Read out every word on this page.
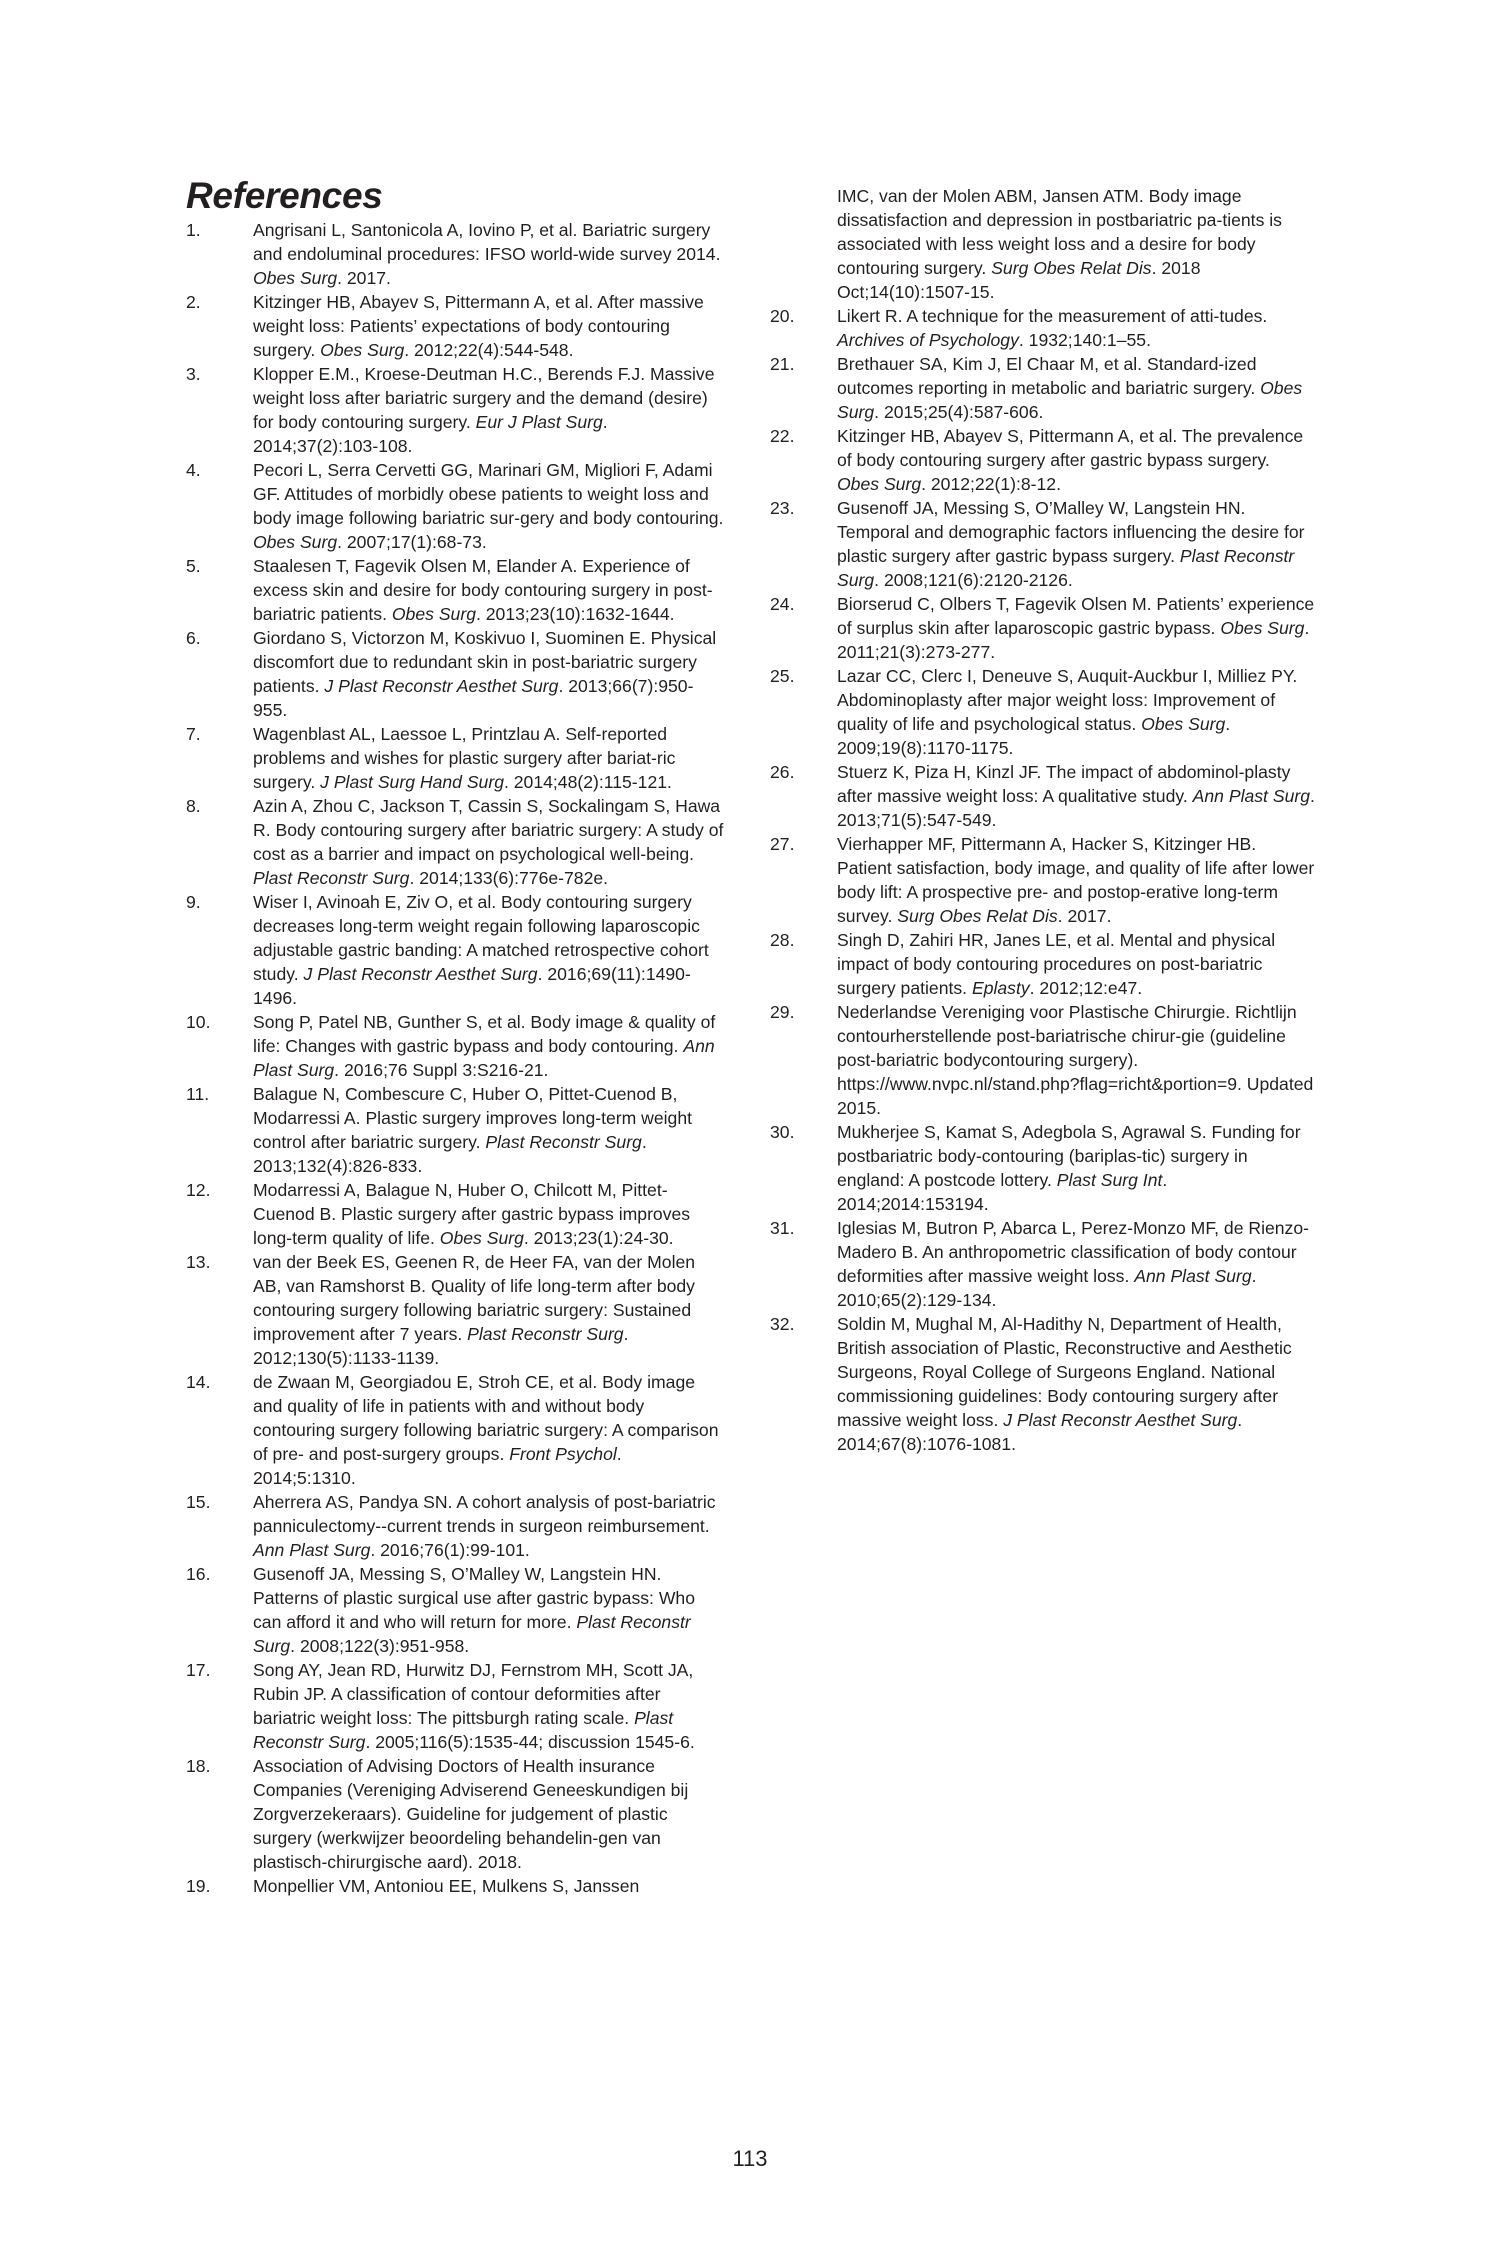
References
1.	Angrisani L, Santonicola A, Iovino P, et al. Bariatric surgery and endoluminal procedures: IFSO world-wide survey 2014. Obes Surg. 2017.
2.	Kitzinger HB, Abayev S, Pittermann A, et al. After massive weight loss: Patients’ expectations of body contouring surgery. Obes Surg. 2012;22(4):544-548.
3.	Klopper E.M., Kroese-Deutman H.C., Berends F.J. Massive weight loss after bariatric surgery and the demand (desire) for body contouring surgery. Eur J Plast Surg. 2014;37(2):103-108.
4.	Pecori L, Serra Cervetti GG, Marinari GM, Migliori F, Adami GF. Attitudes of morbidly obese patients to weight loss and body image following bariatric sur-gery and body contouring. Obes Surg. 2007;17(1):68-73.
5.	Staalesen T, Fagevik Olsen M, Elander A. Experience of excess skin and desire for body contouring surgery in post-bariatric patients. Obes Surg. 2013;23(10):1632-1644.
6.	Giordano S, Victorzon M, Koskivuo I, Suominen E. Physical discomfort due to redundant skin in post-bariatric surgery patients. J Plast Reconstr Aesthet Surg. 2013;66(7):950-955.
7.	Wagenblast AL, Laessoe L, Printzlau A. Self-reported problems and wishes for plastic surgery after bariat-ric surgery. J Plast Surg Hand Surg. 2014;48(2):115-121.
8.	Azin A, Zhou C, Jackson T, Cassin S, Sockalingam S, Hawa R. Body contouring surgery after bariatric surgery: A study of cost as a barrier and impact on psychological well-being. Plast Reconstr Surg. 2014;133(6):776e-782e.
9.	Wiser I, Avinoah E, Ziv O, et al. Body contouring surgery decreases long-term weight regain following laparoscopic adjustable gastric banding: A matched retrospective cohort study. J Plast Reconstr Aesthet Surg. 2016;69(11):1490-1496.
10. Song P, Patel NB, Gunther S, et al. Body image & quality of life: Changes with gastric bypass and body contouring. Ann Plast Surg. 2016;76 Suppl 3:S216-21.
11. Balague N, Combescure C, Huber O, Pittet-Cuenod B, Modarressi A. Plastic surgery improves long-term weight control after bariatric surgery. Plast Reconstr Surg. 2013;132(4):826-833.
12. Modarressi A, Balague N, Huber O, Chilcott M, Pittet-Cuenod B. Plastic surgery after gastric bypass improves long-term quality of life. Obes Surg. 2013;23(1):24-30.
13. van der Beek ES, Geenen R, de Heer FA, van der Molen AB, van Ramshorst B. Quality of life long-term after body contouring surgery following bariatric surgery: Sustained improvement after 7 years. Plast Reconstr Surg. 2012;130(5):1133-1139.
14. de Zwaan M, Georgiadou E, Stroh CE, et al. Body image and quality of life in patients with and without body contouring surgery following bariatric surgery: A comparison of pre- and post-surgery groups. Front Psychol. 2014;5:1310.
15. Aherrera AS, Pandya SN. A cohort analysis of post-bariatric panniculectomy--current trends in surgeon reimbursement. Ann Plast Surg. 2016;76(1):99-101.
16. Gusenoff JA, Messing S, O’Malley W, Langstein HN. Patterns of plastic surgical use after gastric bypass: Who can afford it and who will return for more. Plast Reconstr Surg. 2008;122(3):951-958.
17. Song AY, Jean RD, Hurwitz DJ, Fernstrom MH, Scott JA, Rubin JP. A classification of contour deformities after bariatric weight loss: The pittsburgh rating scale. Plast Reconstr Surg. 2005;116(5):1535-44; discussion 1545-6.
18. Association of Advising Doctors of Health insurance Companies (Vereniging Adviserend Geneeskundigen bij Zorgverzekeraars). Guideline for judgement of plastic surgery (werkwijzer beoordeling behandelin-gen van plastisch-chirurgische aard). 2018.
19. Monpellier VM, Antoniou EE, Mulkens S, Janssen
IMC, van der Molen ABM, Jansen ATM. Body image dissatisfaction and depression in postbariatric pa-tients is associated with less weight loss and a desire for body contouring surgery. Surg Obes Relat Dis. 2018 Oct;14(10):1507-15.
20. Likert R. A technique for the measurement of atti-tudes. Archives of Psychology. 1932;140:1–55.
21. Brethauer SA, Kim J, El Chaar M, et al. Standard-ized outcomes reporting in metabolic and bariatric surgery. Obes Surg. 2015;25(4):587-606.
22. Kitzinger HB, Abayev S, Pittermann A, et al. The prevalence of body contouring surgery after gastric bypass surgery. Obes Surg. 2012;22(1):8-12.
23. Gusenoff JA, Messing S, O’Malley W, Langstein HN. Temporal and demographic factors influencing the desire for plastic surgery after gastric bypass surgery. Plast Reconstr Surg. 2008;121(6):2120-2126.
24. Biorserud C, Olbers T, Fagevik Olsen M. Patients’ experience of surplus skin after laparoscopic gastric bypass. Obes Surg. 2011;21(3):273-277.
25. Lazar CC, Clerc I, Deneuve S, Auquit-Auckbur I, Milliez PY. Abdominoplasty after major weight loss: Improvement of quality of life and psychological status. Obes Surg. 2009;19(8):1170-1175.
26. Stuerz K, Piza H, Kinzl JF. The impact of abdominol-plasty after massive weight loss: A qualitative study. Ann Plast Surg. 2013;71(5):547-549.
27. Vierhapper MF, Pittermann A, Hacker S, Kitzinger HB. Patient satisfaction, body image, and quality of life after lower body lift: A prospective pre- and postop-erative long-term survey. Surg Obes Relat Dis. 2017.
28. Singh D, Zahiri HR, Janes LE, et al. Mental and physical impact of body contouring procedures on post-bariatric surgery patients. Eplasty. 2012;12:e47.
29. Nederlandse Vereniging voor Plastische Chirurgie. Richtlijn contourherstellende post-bariatrische chirur-gie (guideline post-bariatric bodycontouring surgery). https://www.nvpc.nl/stand.php?flag=richt&portion=9. Updated 2015.
30. Mukherjee S, Kamat S, Adegbola S, Agrawal S. Funding for postbariatric body-contouring (bariplas-tic) surgery in england: A postcode lottery. Plast Surg Int. 2014;2014:153194.
31. Iglesias M, Butron P, Abarca L, Perez-Monzo MF, de Rienzo-Madero B. An anthropometric classification of body contour deformities after massive weight loss. Ann Plast Surg. 2010;65(2):129-134.
32. Soldin M, Mughal M, Al-Hadithy N, Department of Health, British association of Plastic, Reconstructive and Aesthetic Surgeons, Royal College of Surgeons England. National commissioning guidelines: Body contouring surgery after massive weight loss. J Plast Reconstr Aesthet Surg. 2014;67(8):1076-1081.
113
